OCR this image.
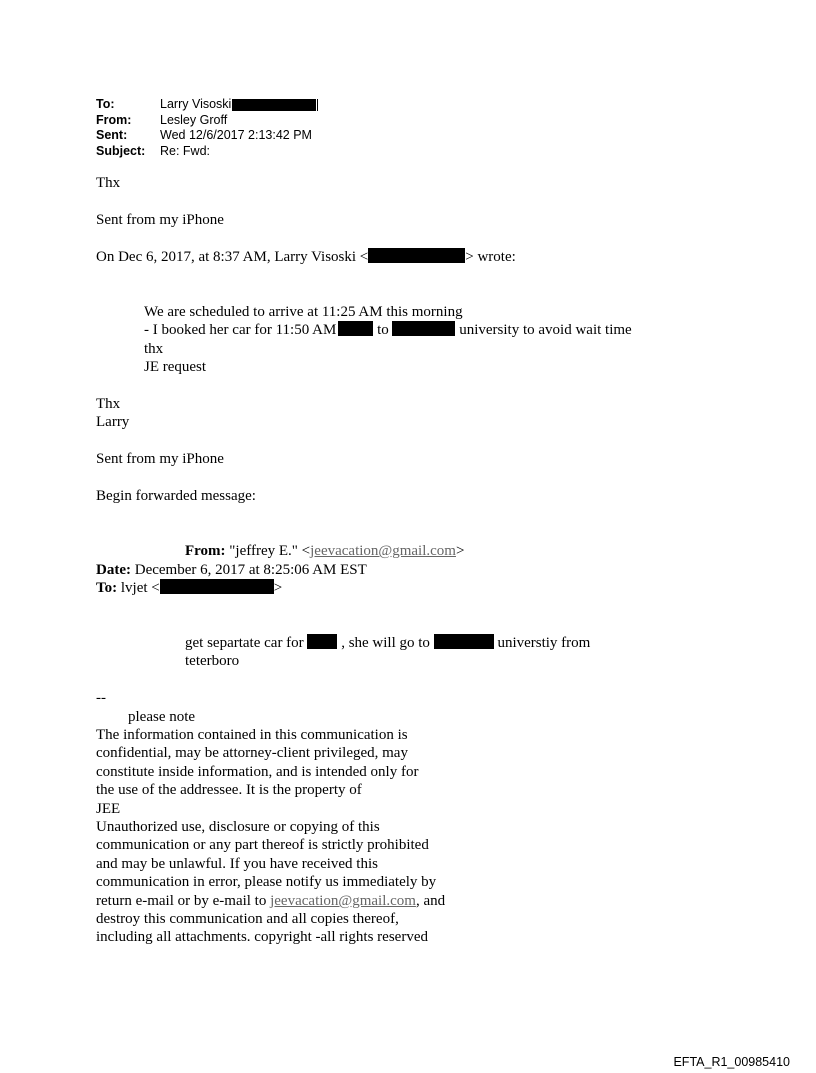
To:	Larry Visoski
From:	Lesley Groff
Sent:	Wed 12/6/2017 2:13:42 PM
Subject:	Re: Fwd:
Thx
Sent from my iPhone
On Dec 6, 2017, at 8:37 AM, Larry Visoski <	> wrote:
We are scheduled to arrive at 11:25 AM this morning
- I booked her car for 11:50 AM	to	university to avoid wait time
thx
JE request
Thx
Larry
Sent from my iPhone
Begin forwarded message:
From: "jeffrey E." <jeevacation@gmail.com>
Date: December 6, 2017 at 8:25:06 AM EST
To: lvjet <	>
get separtate car for	, she will go to	universtiy from
teterboro
--
please note
The information contained in this communication is
confidential, may be attorney-client privileged, may
constitute inside information, and is intended only for
the use of the addressee. It is the property of
JEE
Unauthorized use, disclosure or copying of this
communication or any part thereof is strictly prohibited
and may be unlawful. If you have received this
communication in error, please notify us immediately by
return e-mail or by e-mail to jeevacation@gmail.com, and
destroy this communication and all copies thereof,
including all attachments. copyright -all rights reserved
EFTA_R1_00985410
